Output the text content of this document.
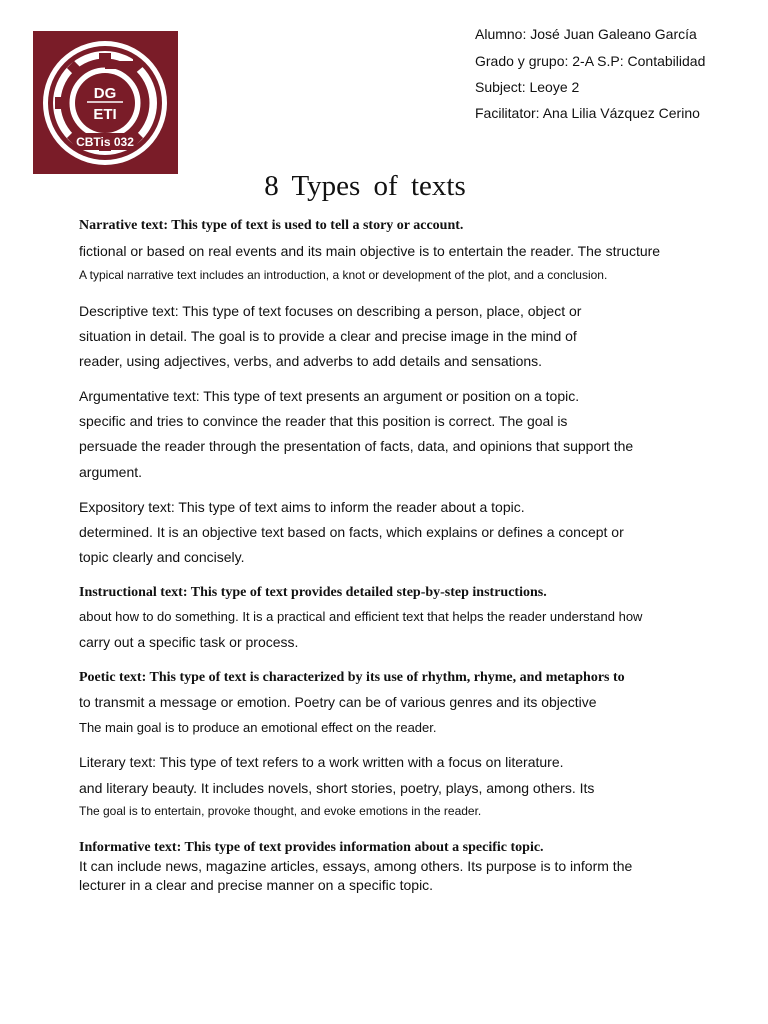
DG
ETI
CBTis 032
Alumno: José Juan Galeano García
Grado y grupo: 2-A S.P: Contabilidad
Subject: Leoye 2
Facilitator: Ana Lilia Vázquez Cerino
8 Types of texts
Narrative text: This type of text is used to tell a story or account.
fictional or based on real events and its main objective is to entertain the reader. The structure
A typical narrative text includes an introduction, a knot or development of the plot, and a conclusion.
Descriptive text: This type of text focuses on describing a person, place, object or
situation in detail. The goal is to provide a clear and precise image in the mind of
reader, using adjectives, verbs, and adverbs to add details and sensations.
Argumentative text: This type of text presents an argument or position on a topic.
specific and tries to convince the reader that this position is correct. The goal is
persuade the reader through the presentation of facts, data, and opinions that support the
argument.
Expository text: This type of text aims to inform the reader about a topic.
determined. It is an objective text based on facts, which explains or defines a concept or
topic clearly and concisely.
Instructional text: This type of text provides detailed step-by-step instructions.
about how to do something. It is a practical and efficient text that helps the reader understand how
carry out a specific task or process.
Poetic text: This type of text is characterized by its use of rhythm, rhyme, and metaphors to
to transmit a message or emotion. Poetry can be of various genres and its objective
The main goal is to produce an emotional effect on the reader.
Literary text: This type of text refers to a work written with a focus on literature.
and literary beauty. It includes novels, short stories, poetry, plays, among others. Its
The goal is to entertain, provoke thought, and evoke emotions in the reader.
Informative text: This type of text provides information about a specific topic.
It can include news, magazine articles, essays, among others. Its purpose is to inform the
lecturer in a clear and precise manner on a specific topic.
